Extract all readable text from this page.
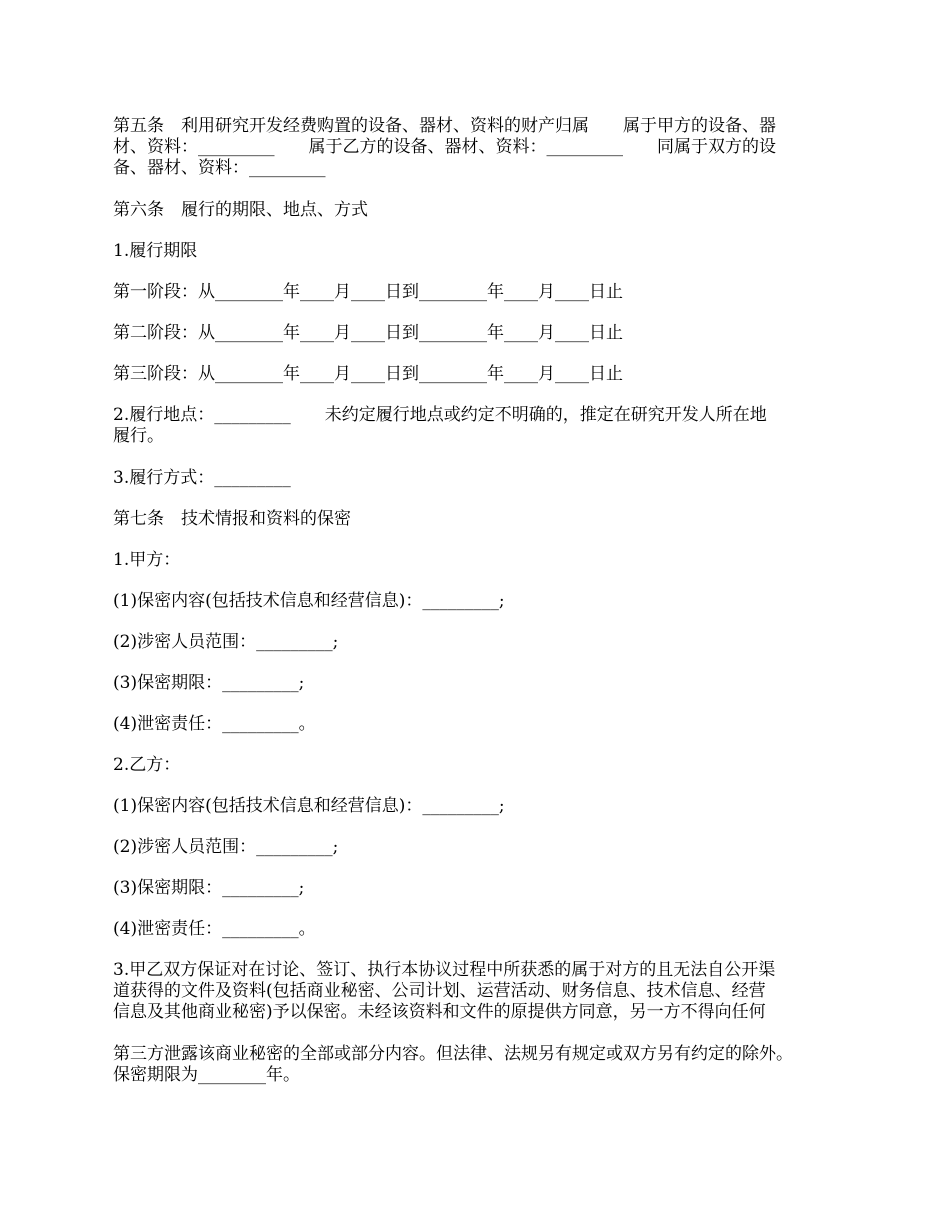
第五条　利用研究开发经费购置的设备、器材、资料的财产归属　　属于甲方的设备、器
材、资料：_________　　属于乙方的设备、器材、资料：_________　　同属于双方的设
备、器材、资料：_________

第六条　履行的期限、地点、方式

1.履行期限

第一阶段：从________年____月____日到________年____月____日止

第二阶段：从________年____月____日到________年____月____日止

第三阶段：从________年____月____日到________年____月____日止

2.履行地点：_________　　未约定履行地点或约定不明确的，推定在研究开发人所在地
履行。

3.履行方式：_________

第七条　技术情报和资料的保密

1.甲方：

(1)保密内容(包括技术信息和经营信息)：_________;

(2)涉密人员范围：_________;

(3)保密期限：_________;

(4)泄密责任：_________。

2.乙方：

(1)保密内容(包括技术信息和经营信息)：_________;

(2)涉密人员范围：_________;

(3)保密期限：_________;

(4)泄密责任：_________。

3.甲乙双方保证对在讨论、签订、执行本协议过程中所获悉的属于对方的且无法自公开渠
道获得的文件及资料(包括商业秘密、公司计划、运营活动、财务信息、技术信息、经营
信息及其他商业秘密)予以保密。未经该资料和文件的原提供方同意，另一方不得向任何

第三方泄露该商业秘密的全部或部分内容。但法律、法规另有规定或双方另有约定的除外。
保密期限为________年。
